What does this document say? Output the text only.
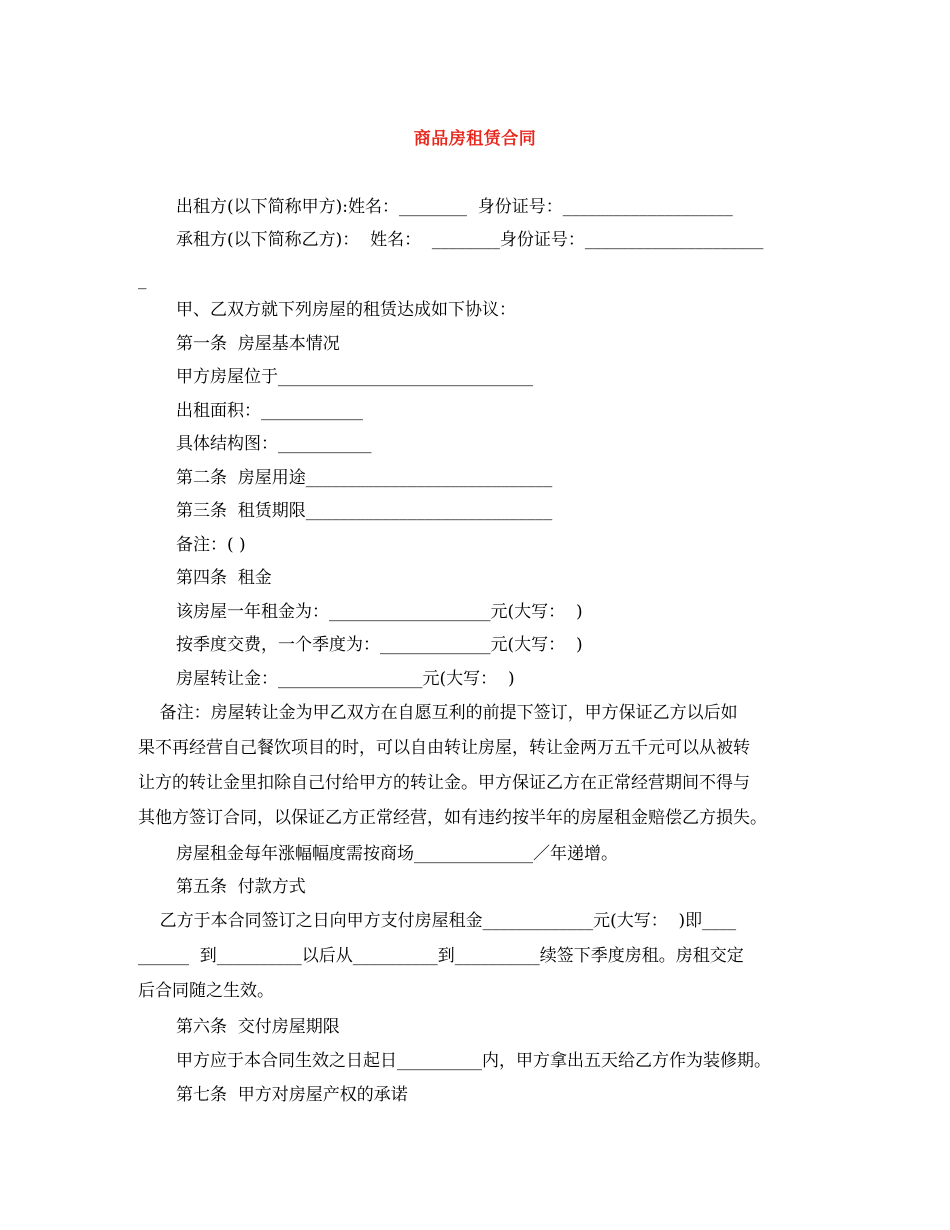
商品房租赁合同
出租方(以下简称甲方):姓名：________  身份证号：____________________
承租方(以下简称乙方)：  姓名：  ________身份证号：_____________________
_
甲、乙双方就下列房屋的租赁达成如下协议：
第一条  房屋基本情况
甲方房屋位于______________________________
出租面积：____________
具体结构图：___________
第二条  房屋用途_____________________________
第三条  租赁期限_____________________________
备注：( )
第四条  租金
该房屋一年租金为：___________________元(大写：  )
按季度交费，一个季度为：_____________元(大写：  )
房屋转让金：_________________元(大写：  )
备注：房屋转让金为甲乙双方在自愿互利的前提下签订，甲方保证乙方以后如
果不再经营自己餐饮项目的时，可以自由转让房屋，转让金两万五千元可以从被转
让方的转让金里扣除自己付给甲方的转让金。甲方保证乙方在正常经营期间不得与
其他方签订合同，以保证乙方正常经营，如有违约按半年的房屋租金赔偿乙方损失。
房屋租金每年涨幅幅度需按商场______________／年递增。
第五条  付款方式
乙方于本合同签订之日向甲方支付房屋租金_____________元(大写：  )即____
______  到__________以后从__________到__________续签下季度房租。房租交定
后合同随之生效。
第六条  交付房屋期限
甲方应于本合同生效之日起日__________内，甲方拿出五天给乙方作为装修期。
第七条  甲方对房屋产权的承诺
